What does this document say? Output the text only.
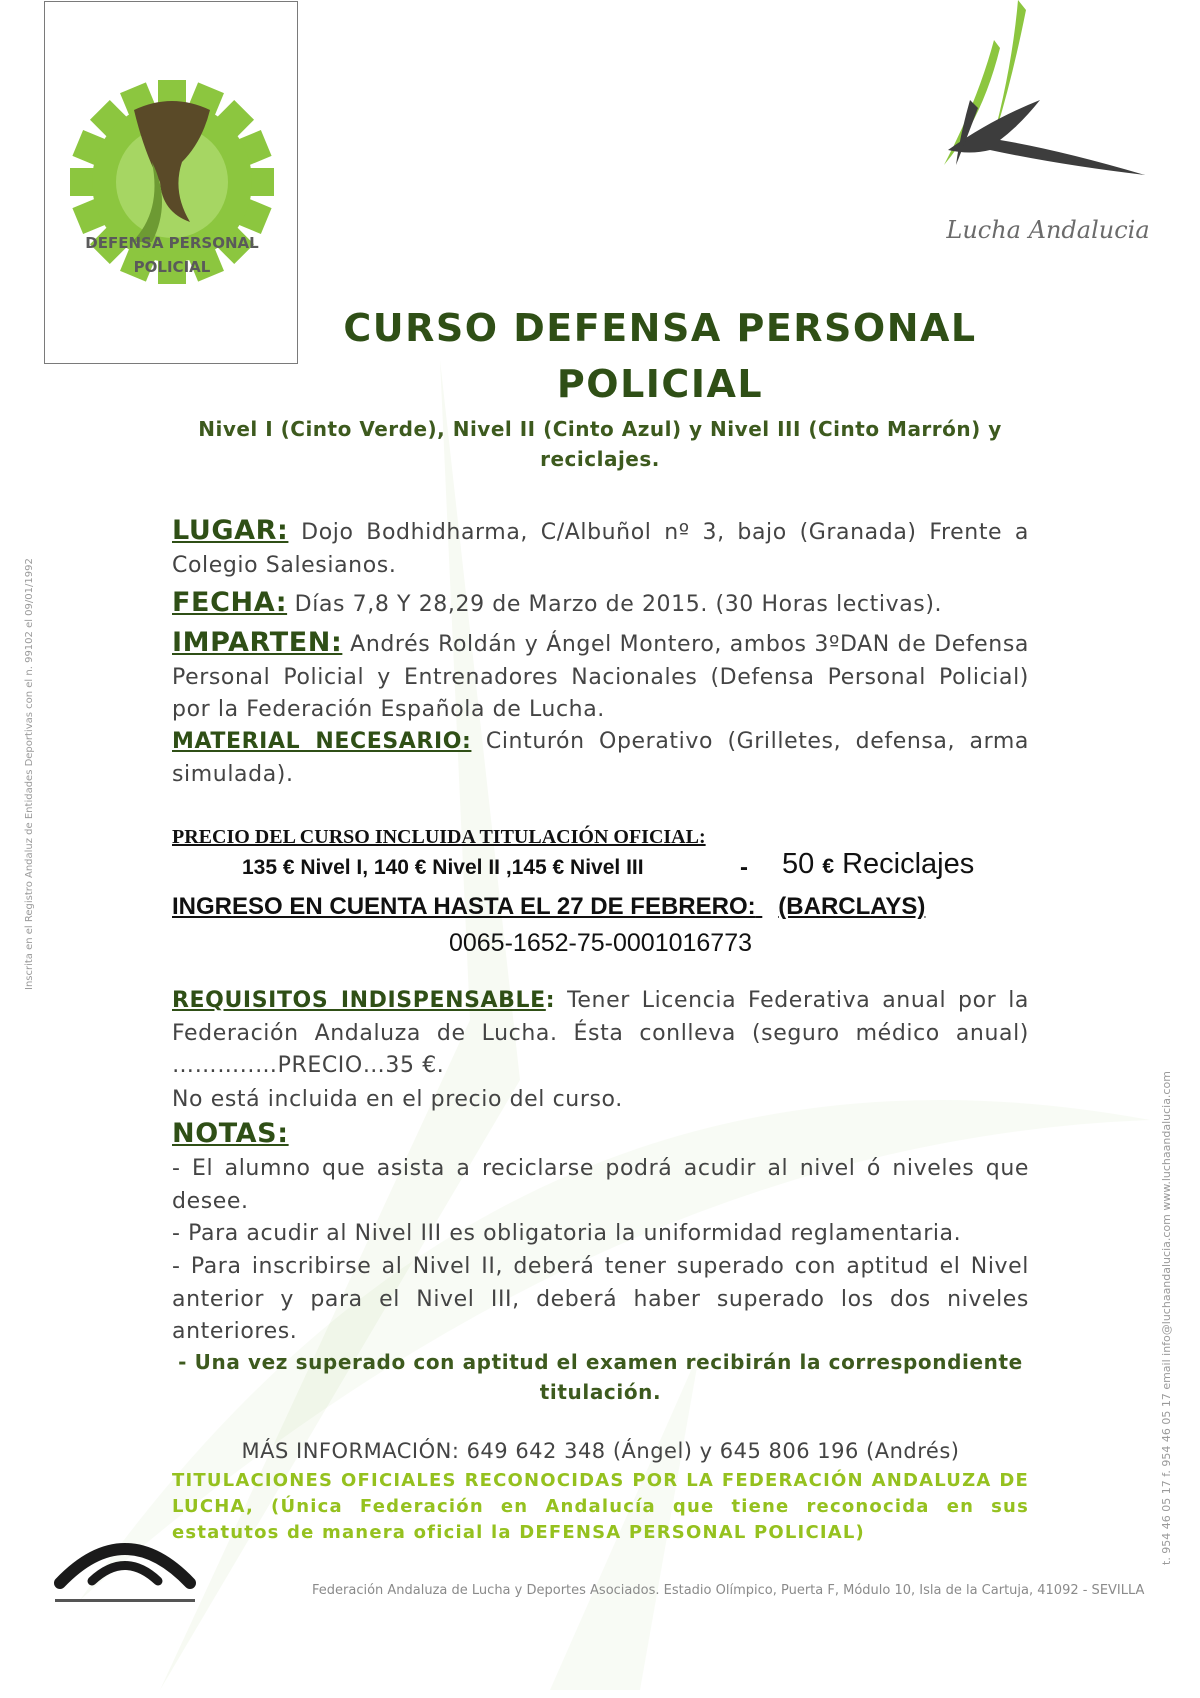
DEFENSA PERSONAL
POLICIAL
Lucha Andalucia
CURSO DEFENSA PERSONAL
POLICIAL
Nivel I (Cinto Verde), Nivel II (Cinto Azul) y Nivel III (Cinto Marrón) y
reciclajes.
LUGAR: Dojo Bodhidharma, C/Albuñol nº 3, bajo (Granada) Frente a Colegio Salesianos.
FECHA: Días 7,8 Y 28,29 de Marzo de 2015. (30 Horas lectivas).
IMPARTEN: Andrés Roldán y Ángel Montero, ambos 3ºDAN de Defensa Personal Policial y Entrenadores Nacionales (Defensa Personal Policial) por la Federación Española de Lucha.
MATERIAL NECESARIO: Cinturón Operativo (Grilletes, defensa, arma simulada).
PRECIO DEL CURSO INCLUIDA TITULACIÓN OFICIAL:
135 € Nivel I, 140 € Nivel II ,145 € Nivel III	- 50 € Reciclajes
INGRESO EN CUENTA HASTA EL 27 DE FEBRERO: (BARCLAYS)
0065-1652-75-0001016773
REQUISITOS INDISPENSABLE: Tener Licencia Federativa anual por la Federación Andaluza de Lucha. Ésta conlleva (seguro médico anual) ………..…PRECIO…35 €.
No está incluida en el precio del curso.
NOTAS:
- El alumno que asista a reciclarse podrá acudir al nivel ó niveles que desee.
- Para acudir al Nivel III es obligatoria la uniformidad reglamentaria.
- Para inscribirse al Nivel II, deberá tener superado con aptitud el Nivel anterior y para el Nivel III, deberá haber superado los dos niveles anteriores.
- Una vez superado con aptitud el examen recibirán la correspondiente
titulación.
MÁS INFORMACIÓN: 649 642 348 (Ángel) y 645 806 196 (Andrés)
TITULACIONES OFICIALES RECONOCIDAS POR LA FEDERACIÓN ANDALUZA DE LUCHA, (Única Federación en Andalucía que tiene reconocida en sus estatutos de manera oficial la DEFENSA PERSONAL POLICIAL)
Federación Andaluza de Lucha y Deportes Asociados. Estadio Olímpico, Puerta F, Módulo 10, Isla de la Cartuja, 41092 - SEVILLA
Inscrita en el Registro Andaluz de Entidades Deportivas con el n. 99102 el 09/01/1992
t. 954 46 05 17 f. 954 46 05 17 email info@luchaandalucia.com www.luchaandalucia.com
